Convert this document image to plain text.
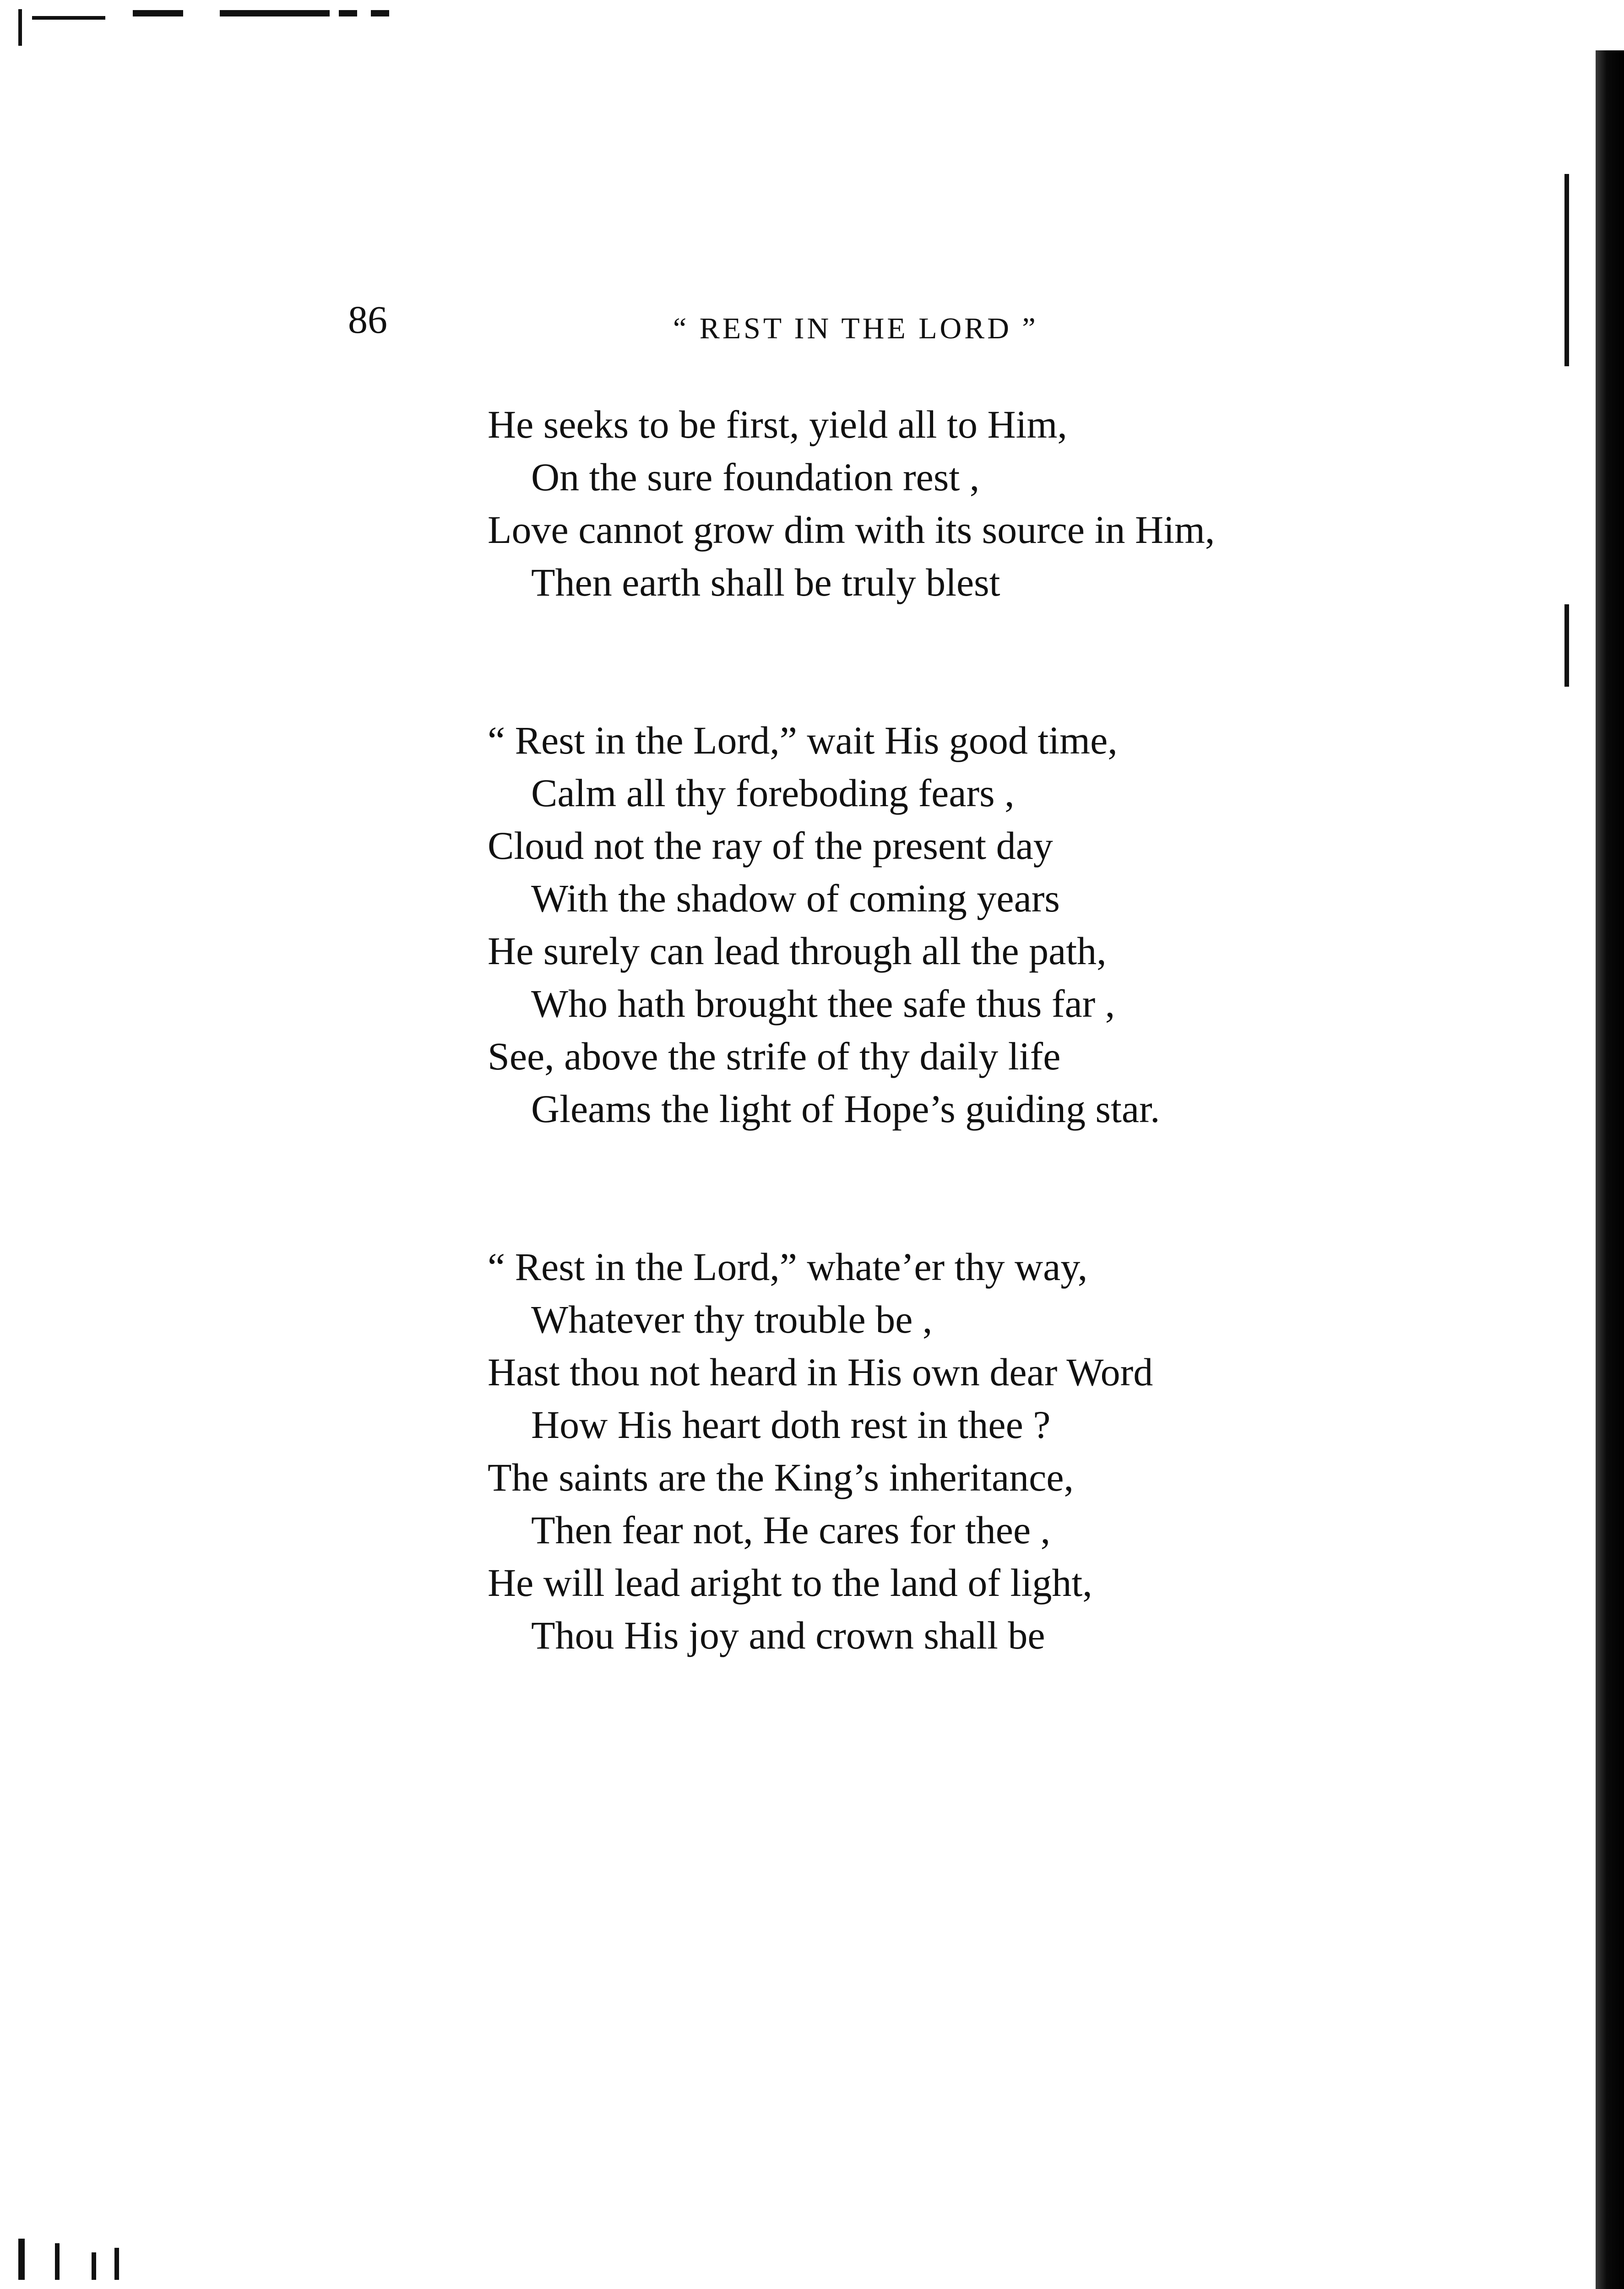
86	“ REST IN THE LORD ”
He seeks to be first, yield all to Him,
On the sure foundation rest ,
Love cannot grow dim with its source in Him,
Then earth shall be truly blest
“ Rest in the Lord,” wait His good time,
Calm all thy foreboding fears ,
Cloud not the ray of the present day
With the shadow of coming years
He surely can lead through all the path,
Who hath brought thee safe thus far ,
See, above the strife of thy daily life
Gleams the light of Hope’s guiding star.
“ Rest in the Lord,” whate’er thy way,
Whatever thy trouble be ,
Hast thou not heard in His own dear Word
How His heart doth rest in thee ?
The saints are the King’s inheritance,
Then fear not, He cares for thee ,
He will lead aright to the land of light,
Thou His joy and crown shall be
